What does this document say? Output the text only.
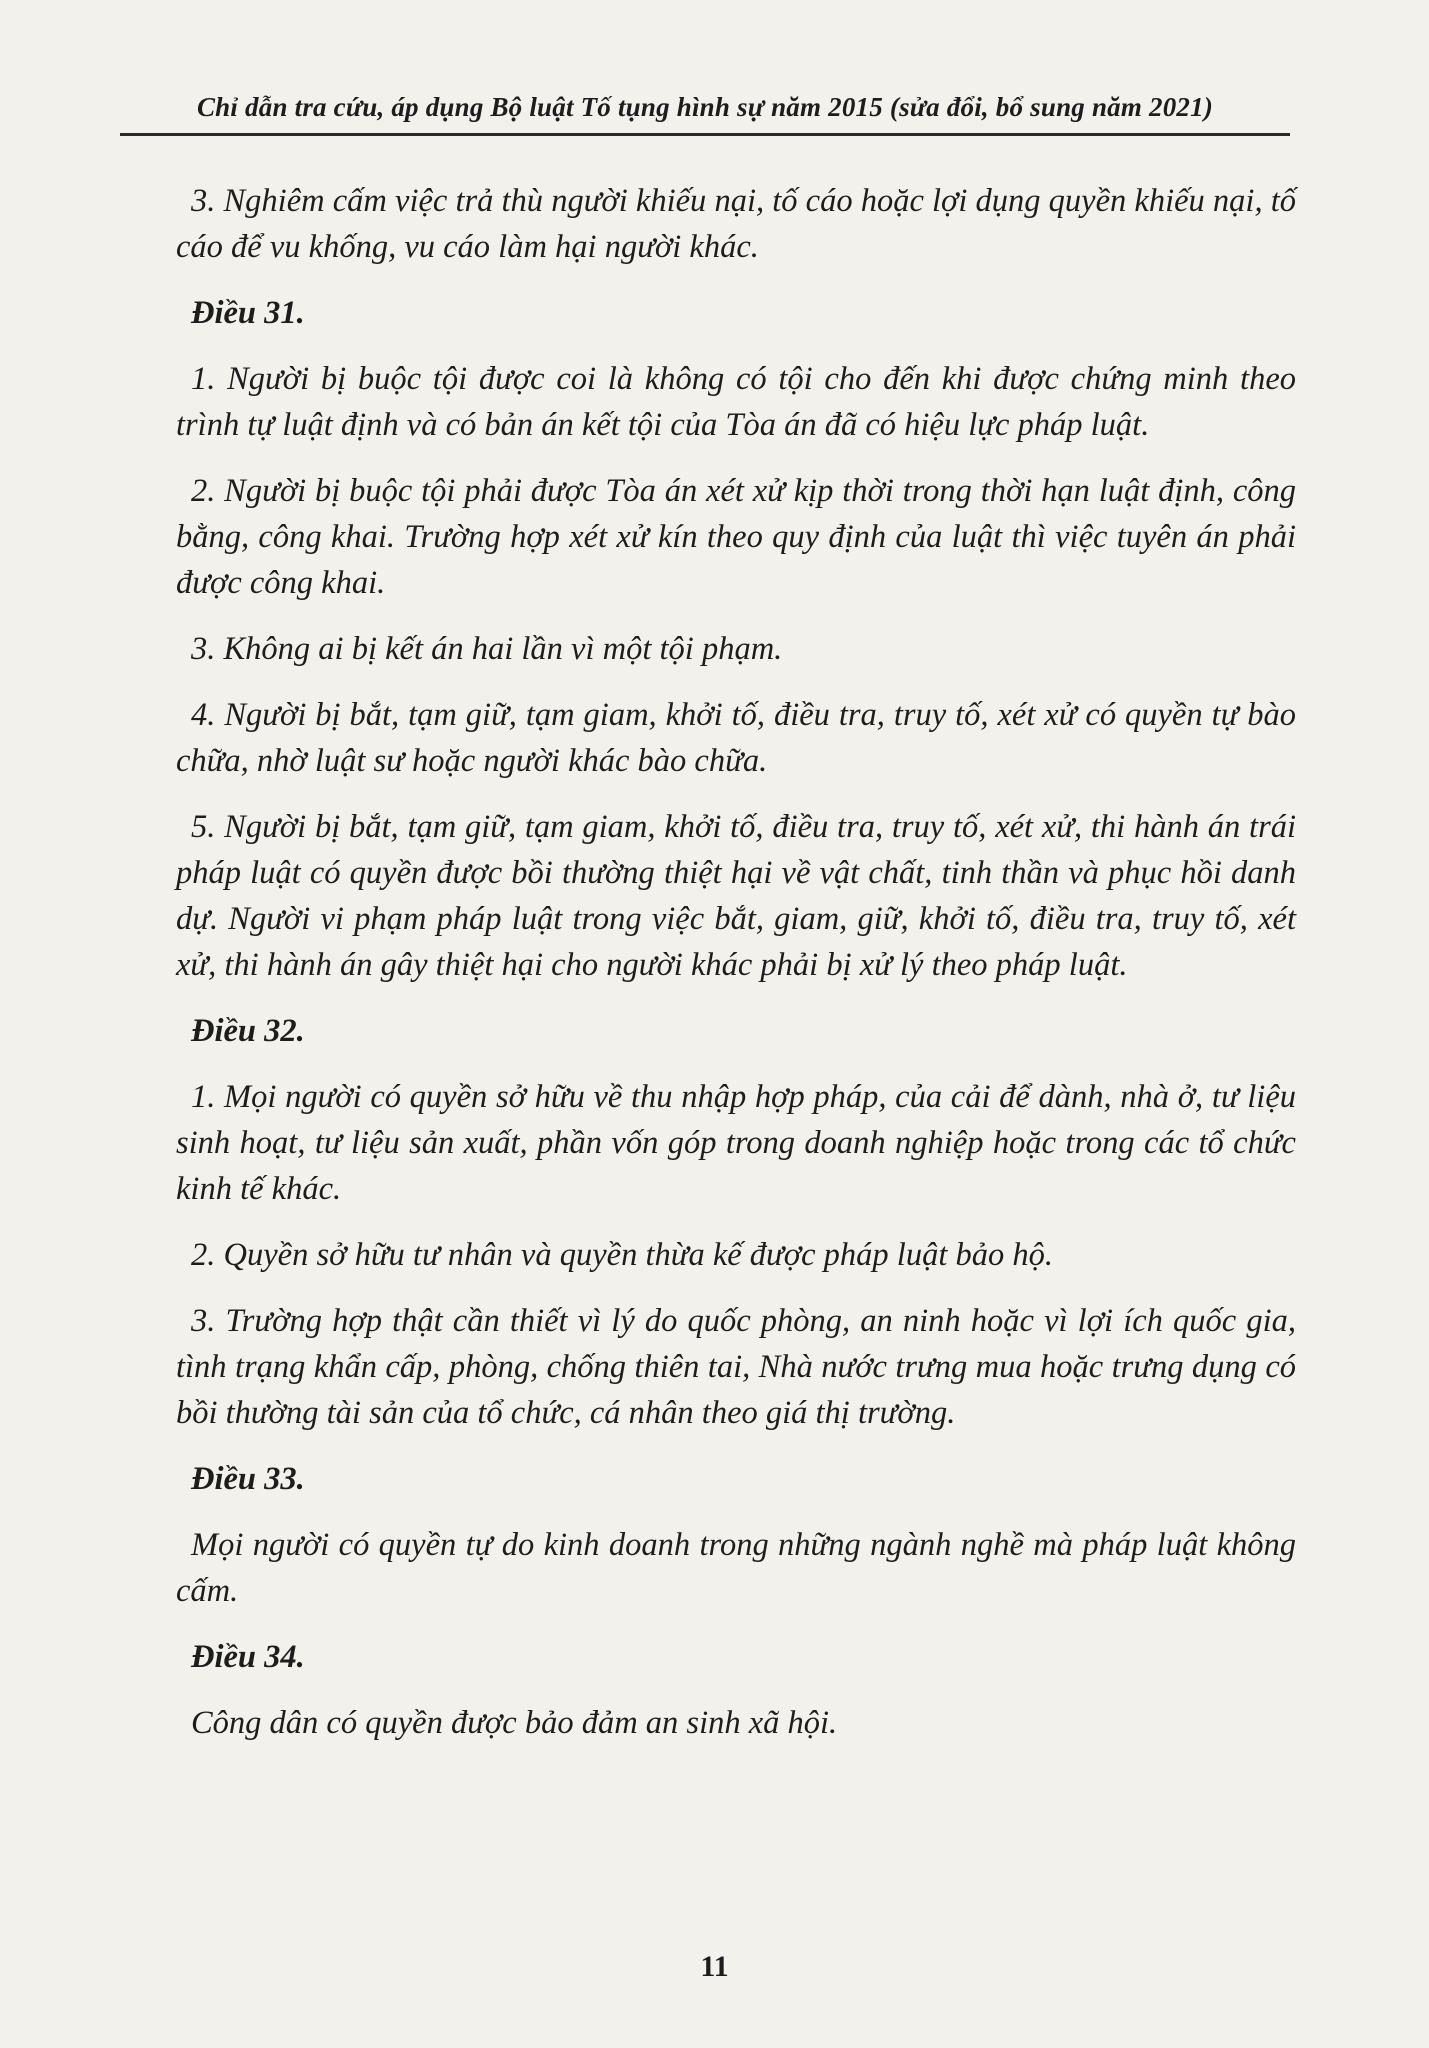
Chỉ dẫn tra cứu, áp dụng Bộ luật Tố tụng hình sự năm 2015 (sửa đổi, bổ sung năm 2021)

3. Nghiêm cấm việc trả thù người khiếu nại, tố cáo hoặc lợi dụng quyền khiếu nại, tố cáo để vu khống, vu cáo làm hại người khác.

Điều 31.

1. Người bị buộc tội được coi là không có tội cho đến khi được chứng minh theo trình tự luật định và có bản án kết tội của Tòa án đã có hiệu lực pháp luật.

2. Người bị buộc tội phải được Tòa án xét xử kịp thời trong thời hạn luật định, công bằng, công khai. Trường hợp xét xử kín theo quy định của luật thì việc tuyên án phải được công khai.

3. Không ai bị kết án hai lần vì một tội phạm.

4. Người bị bắt, tạm giữ, tạm giam, khởi tố, điều tra, truy tố, xét xử có quyền tự bào chữa, nhờ luật sư hoặc người khác bào chữa.

5. Người bị bắt, tạm giữ, tạm giam, khởi tố, điều tra, truy tố, xét xử, thi hành án trái pháp luật có quyền được bồi thường thiệt hại về vật chất, tinh thần và phục hồi danh dự. Người vi phạm pháp luật trong việc bắt, giam, giữ, khởi tố, điều tra, truy tố, xét xử, thi hành án gây thiệt hại cho người khác phải bị xử lý theo pháp luật.

Điều 32.

1. Mọi người có quyền sở hữu về thu nhập hợp pháp, của cải để dành, nhà ở, tư liệu sinh hoạt, tư liệu sản xuất, phần vốn góp trong doanh nghiệp hoặc trong các tổ chức kinh tế khác.

2. Quyền sở hữu tư nhân và quyền thừa kế được pháp luật bảo hộ.

3. Trường hợp thật cần thiết vì lý do quốc phòng, an ninh hoặc vì lợi ích quốc gia, tình trạng khẩn cấp, phòng, chống thiên tai, Nhà nước trưng mua hoặc trưng dụng có bồi thường tài sản của tổ chức, cá nhân theo giá thị trường.

Điều 33.

Mọi người có quyền tự do kinh doanh trong những ngành nghề mà pháp luật không cấm.

Điều 34.

Công dân có quyền được bảo đảm an sinh xã hội.

11
